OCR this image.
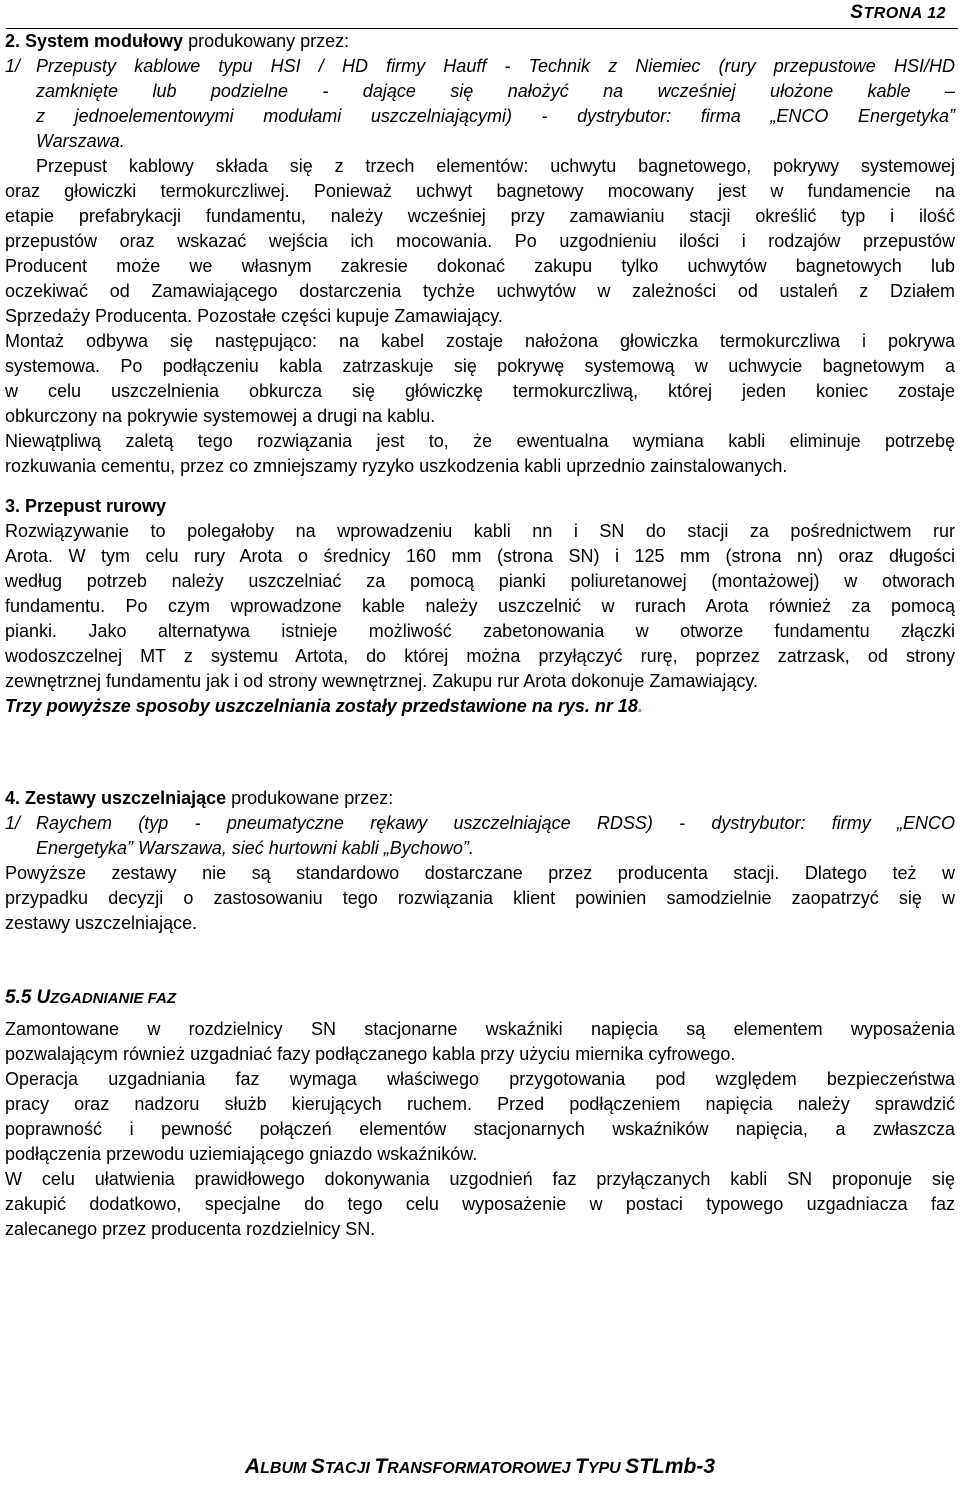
STRONA 12
2. System modułowy produkowany przez:
1/ Przepusty kablowe typu HSI / HD firmy Hauff - Technik z Niemiec (rury przepustowe HSI/HD
zamknięte lub podzielne - dające się nałożyć na wcześniej ułożone kable –
z jednoelementowymi modułami uszczelniającymi) - dystrybutor: firma „ENCO Energetyka”
Warszawa.
Przepust kablowy składa się z trzech elementów: uchwytu bagnetowego, pokrywy systemowej
oraz głowiczki termokurczliwej. Ponieważ uchwyt bagnetowy mocowany jest w fundamencie na
etapie prefabrykacji fundamentu, należy wcześniej przy zamawianiu stacji określić typ i ilość
przepustów oraz wskazać wejścia ich mocowania. Po uzgodnieniu ilości i rodzajów przepustów
Producent może we własnym zakresie dokonać zakupu tylko uchwytów bagnetowych lub
oczekiwać od Zamawiającego dostarczenia tychże uchwytów w zależności od ustaleń z Działem
Sprzedaży Producenta. Pozostałe części kupuje Zamawiający.
Montaż odbywa się następująco: na kabel zostaje nałożona głowiczka termokurczliwa i pokrywa
systemowa. Po podłączeniu kabla zatrzaskuje się pokrywę systemową w uchwycie bagnetowym a
w celu uszczelnienia obkurcza się główiczkę termokurczliwą, której jeden koniec zostaje
obkurczony na pokrywie systemowej a drugi na kablu.
Niewątpliwą zaletą tego rozwiązania jest to, że ewentualna wymiana kabli eliminuje potrzebę
rozkuwania cementu, przez co zmniejszamy ryzyko uszkodzenia kabli uprzednio zainstalowanych.
3. Przepust rurowy
Rozwiązywanie to polegałoby na wprowadzeniu kabli nn i SN do stacji za pośrednictwem rur
Arota. W tym celu rury Arota o średnicy 160 mm (strona SN) i 125 mm (strona nn) oraz długości
według potrzeb należy uszczelniać za pomocą pianki poliuretanowej (montażowej) w otworach
fundamentu. Po czym wprowadzone kable należy uszczelnić w rurach Arota również za pomocą
pianki. Jako alternatywa istnieje możliwość zabetonowania w otworze fundamentu złączki
wodoszczelnej MT z systemu Artota, do której można przyłączyć rurę, poprzez zatrzask, od strony
zewnętrznej fundamentu jak i od strony wewnętrznej. Zakupu rur Arota dokonuje Zamawiający.
Trzy powyższe sposoby uszczelniania zostały przedstawione na rys. nr 18.
4. Zestawy uszczelniające produkowane przez:
1/ Raychem (typ - pneumatyczne rękawy uszczelniające RDSS) - dystrybutor: firmy „ENCO
Energetyka” Warszawa, sieć hurtowni kabli „Bychowo”.
Powyższe zestawy nie są standardowo dostarczane przez producenta stacji. Dlatego też w
przypadku decyzji o zastosowaniu tego rozwiązania klient powinien samodzielnie zaopatrzyć się w
zestawy uszczelniające.
5.5 UZGADNIANIE FAZ
Zamontowane w rozdzielnicy SN stacjonarne wskaźniki napięcia są elementem wyposażenia
pozwalającym również uzgadniać fazy podłączanego kabla przy użyciu miernika cyfrowego.
Operacja uzgadniania faz wymaga właściwego przygotowania pod względem bezpieczeństwa
pracy oraz nadzoru służb kierujących ruchem. Przed podłączeniem napięcia należy sprawdzić
poprawność i pewność połączeń elementów stacjonarnych wskaźników napięcia, a zwłaszcza
podłączenia przewodu uziemiającego gniazdo wskaźników.
W celu ułatwienia prawidłowego dokonywania uzgodnień faz przyłączanych kabli SN proponuje się
zakupić dodatkowo, specjalne do tego celu wyposażenie w postaci typowego uzgadniacza faz
zalecanego przez producenta rozdzielnicy SN.
ALBUM STACJI TRANSFORMATOROWEJ TYPU STLmb-3
